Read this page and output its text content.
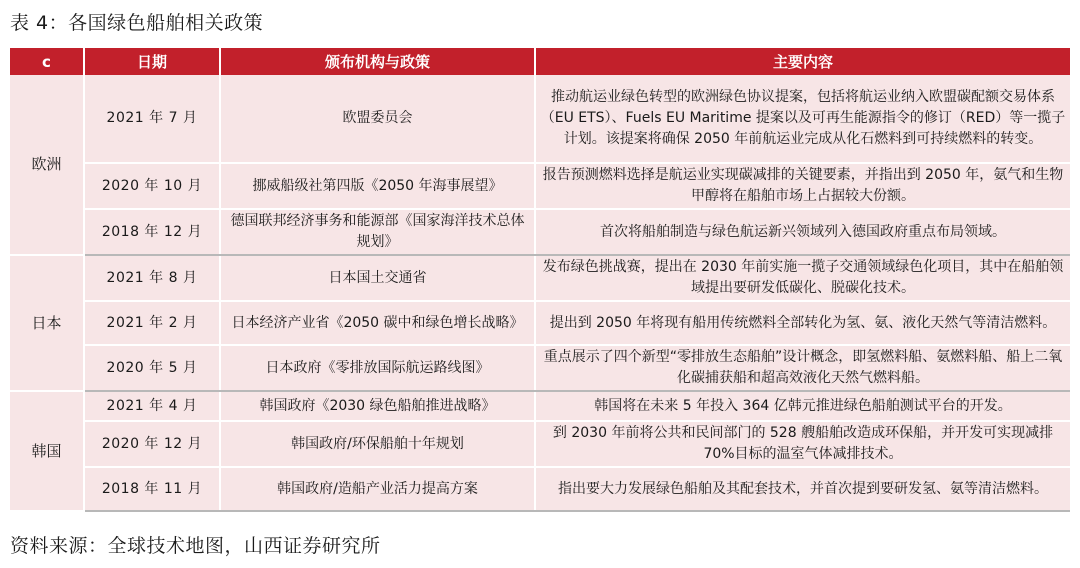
表 4：各国绿色船舶相关政策
c	日期	颁布机构与政策	主要内容
欧洲	2021 年 7 月	欧盟委员会	推动航运业绿色转型的欧洲绿色协议提案，包括将航运业纳入欧盟碳配额交易体系（EU ETS）、Fuels EU Maritime 提案以及可再生能源指令的修订（RED）等一揽子计划。该提案将确保 2050 年前航运业完成从化石燃料到可持续燃料的转变。
	2020 年 10 月	挪威船级社第四版《2050 年海事展望》	报告预测燃料选择是航运业实现碳减排的关键要素，并指出到 2050 年，氨气和生物甲醇将在船舶市场上占据较大份额。
	2018 年 12 月	德国联邦经济事务和能源部《国家海洋技术总体规划》	首次将船舶制造与绿色航运新兴领域列入德国政府重点布局领域。
日本	2021 年 8 月	日本国土交通省	发布绿色挑战赛，提出在 2030 年前实施一揽子交通领域绿色化项目，其中在船舶领域提出要研发低碳化、脱碳化技术。
	2021 年 2 月	日本经济产业省《2050 碳中和绿色增长战略》	提出到 2050 年将现有船用传统燃料全部转化为氢、氨、液化天然气等清洁燃料。
	2020 年 5 月	日本政府《零排放国际航运路线图》	重点展示了四个新型“零排放生态船舶”设计概念，即氢燃料船、氨燃料船、船上二氧化碳捕获船和超高效液化天然气燃料船。
韩国	2021 年 4 月	韩国政府《2030 绿色船舶推进战略》	韩国将在未来 5 年投入 364 亿韩元推进绿色船舶测试平台的开发。
	2020 年 12 月	韩国政府/环保船舶十年规划	到 2030 年前将公共和民间部门的 528 艘船舶改造成环保船，并开发可实现减排 70%目标的温室气体减排技术。
	2018 年 11 月	韩国政府/造船产业活力提高方案	指出要大力发展绿色船舶及其配套技术，并首次提到要研发氢、氨等清洁燃料。
资料来源：全球技术地图，山西证券研究所
